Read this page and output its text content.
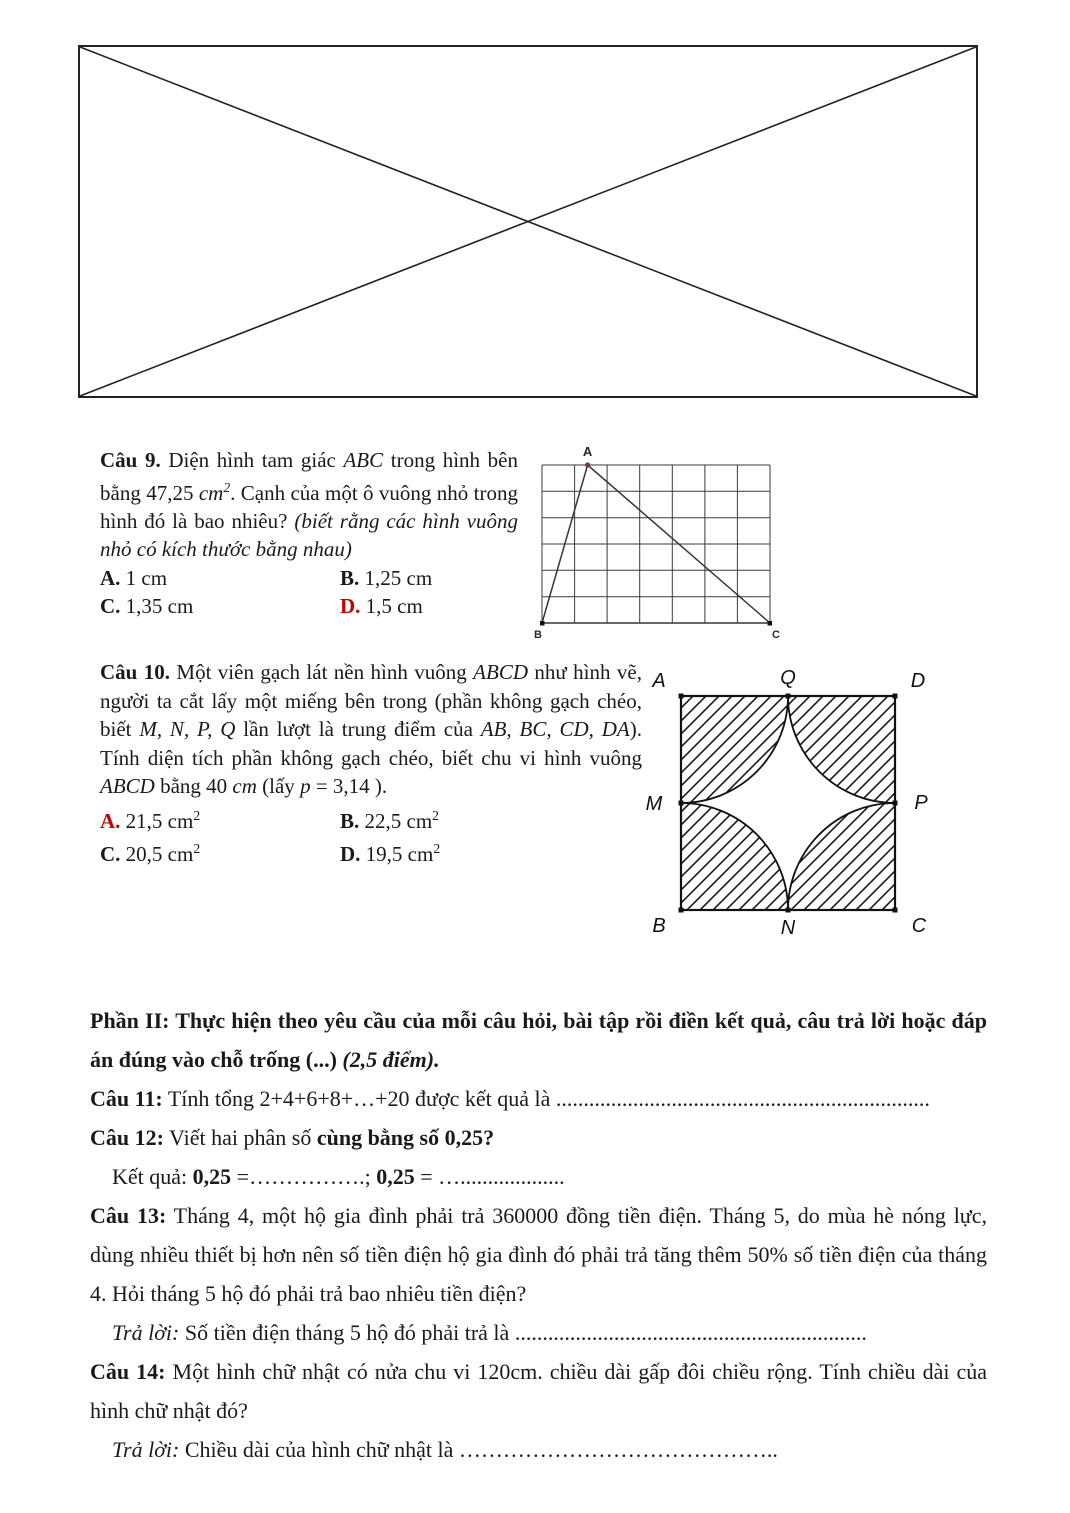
Câu 9. Diện hình tam giác ABC trong hình bên bằng 47,25 $cm^2$. Cạnh của một ô vuông nhỏ trong hình đó là bao nhiêu? (biết rằng các hình vuông nhỏ có kích thước bằng nhau)

A. 1 cm	B. 1,25 cm
C. 1,35 cm	D. 1,5 cm
A
B	C

Câu 10. Một viên gạch lát nền hình vuông ABCD như hình vẽ, người ta cắt lấy một miếng bên trong (phần không gạch chéo, biết M, N, P, Q lần lượt là trung điểm của AB, BC, CD, DA). Tính diện tích phần không gạch chéo, biết chu vi hình vuông ABCD bằng 40 cm (lấy p = 3,14 ).

A. 21,5 $cm^2$	B. 22,5 $cm^2$
C. 20,5 $cm^2$	D. 19,5 $cm^2$
A	Q	D
M	P
B	N	C

Phần II: Thực hiện theo yêu cầu của mỗi câu hỏi, bài tập rồi điền kết quả, câu trả lời hoặc đáp án đúng vào chỗ trống (...) (2,5 điểm).

Câu 11: Tính tổng 2+4+6+8+…+20 được kết quả là ....................................................................

Câu 12: Viết hai phân số cùng bằng số 0,25?

Kết quả: 0,25 =…………….; 0,25 = …...................

Câu 13: Tháng 4, một hộ gia đình phải trả 360000 đồng tiền điện. Tháng 5, do mùa hè nóng lực, dùng nhiều thiết bị hơn nên số tiền điện hộ gia đình đó phải trả tăng thêm 50% số tiền điện của tháng 4. Hỏi tháng 5 hộ đó phải trả bao nhiêu tiền điện?

Trả lời: Số tiền điện tháng 5 hộ đó phải trả là ................................................................

Câu 14: Một hình chữ nhật có nửa chu vi 120cm. chiều dài gấp đôi chiều rộng. Tính chiều dài của hình chữ nhật đó?

Trả lời: Chiều dài của hình chữ nhật là ……………………………………..
